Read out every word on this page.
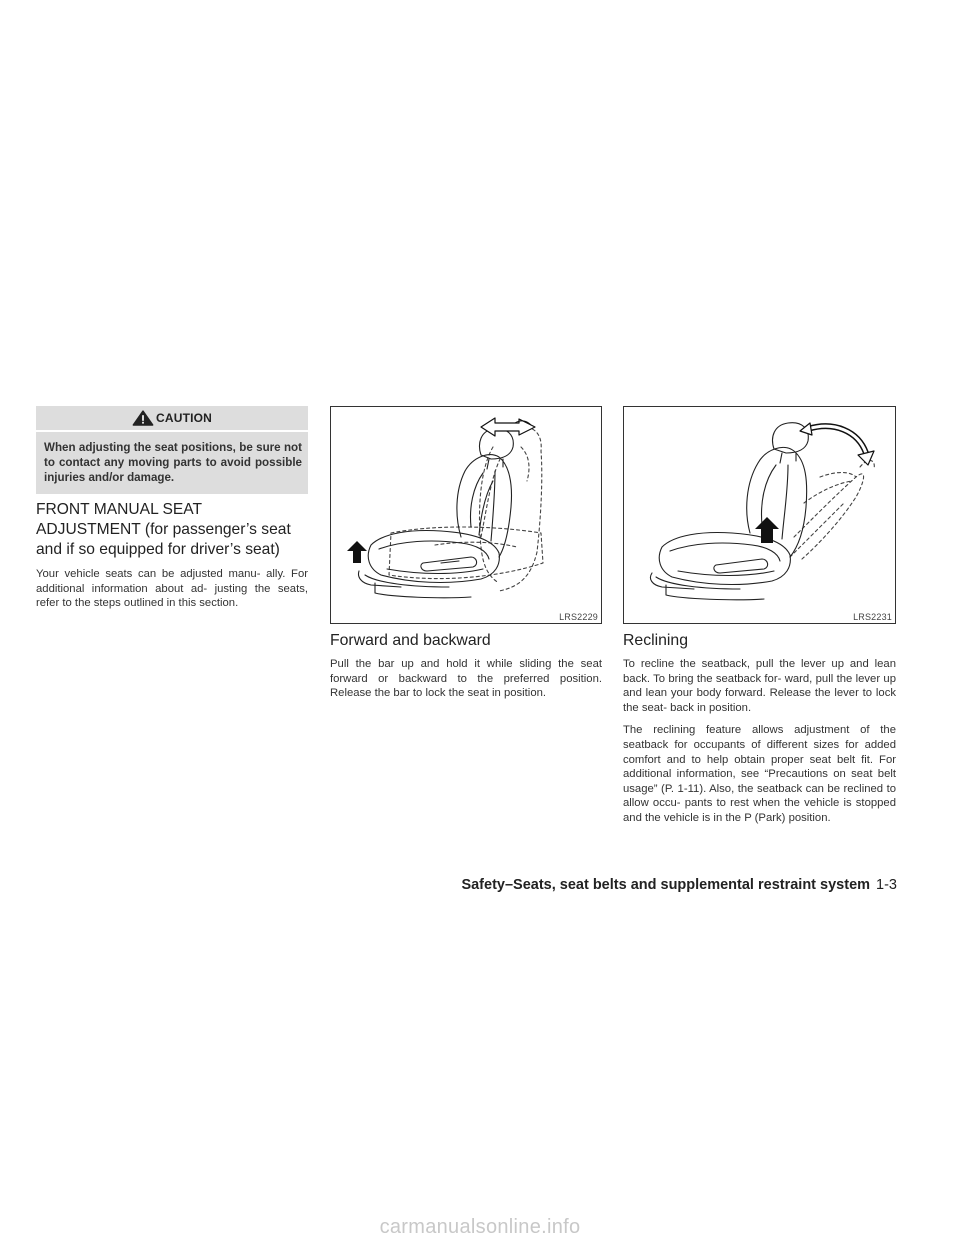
CAUTION
When adjusting the seat positions, be sure not to contact any moving parts to avoid possible injuries and/or damage.
FRONT MANUAL SEAT ADJUSTMENT (for passenger’s seat and if so equipped for driver’s seat)

Your vehicle seats can be adjusted manu- ally. For additional information about ad- justing the seats, refer to the steps outlined in this section.

LRS2229
Forward and backward

Pull the bar up and hold it while sliding the seat forward or backward to the preferred position. Release the bar to lock the seat in position.

LRS2231
Reclining

To recline the seatback, pull the lever up and lean back. To bring the seatback for- ward, pull the lever up and lean your body forward. Release the lever to lock the seat- back in position.

The reclining feature allows adjustment of the seatback for occupants of different sizes for added comfort and to help obtain proper seat belt fit. For additional information, see “Precautions on seat belt usage” (P. 1-11). Also, the seatback can be reclined to allow occu- pants to rest when the vehicle is stopped and the vehicle is in the P (Park) position.

Safety–Seats, seat belts and supplemental restraint system 1-3
carmanualsonline.info
